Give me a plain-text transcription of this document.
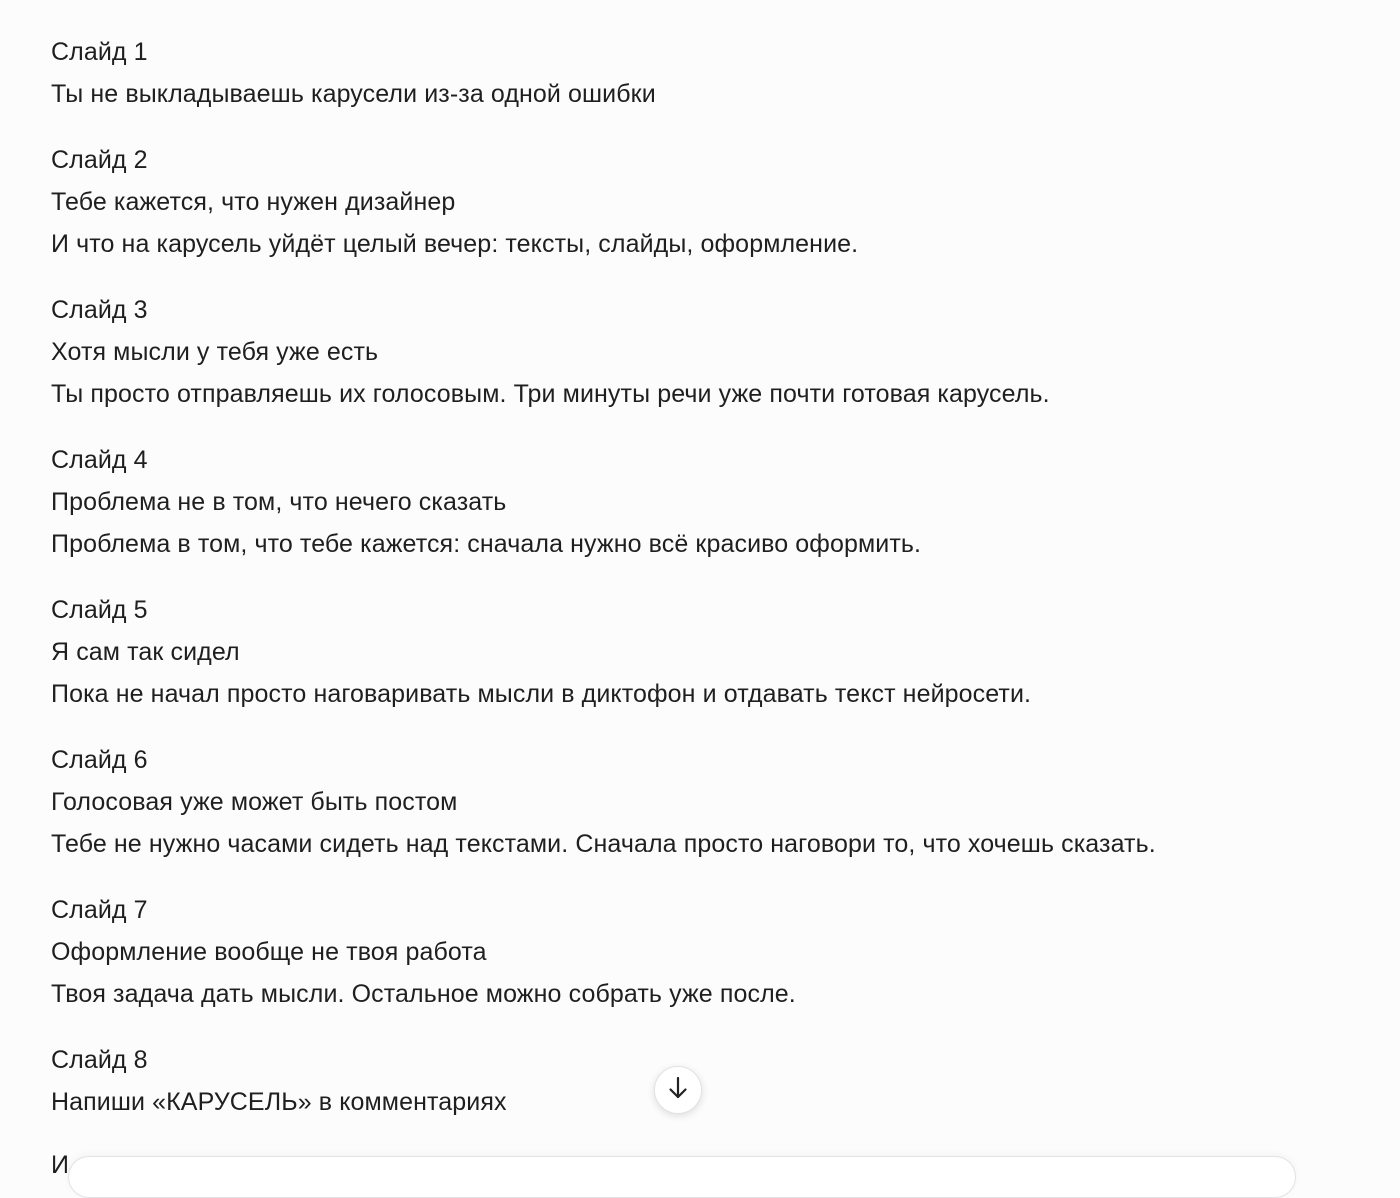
Слайд 1
Ты не выкладываешь карусели из-за одной ошибки
Слайд 2
Тебе кажется, что нужен дизайнер
И что на карусель уйдёт целый вечер: тексты, слайды, оформление.
Слайд 3
Хотя мысли у тебя уже есть
Ты просто отправляешь их голосовым. Три минуты речи уже почти готовая карусель.
Слайд 4
Проблема не в том, что нечего сказать
Проблема в том, что тебе кажется: сначала нужно всё красиво оформить.
Слайд 5
Я сам так сидел
Пока не начал просто наговаривать мысли в диктофон и отдавать текст нейросети.
Слайд 6
Голосовая уже может быть постом
Тебе не нужно часами сидеть над текстами. Сначала просто наговори то, что хочешь сказать.
Слайд 7
Оформление вообще не твоя работа
Твоя задача дать мысли. Остальное можно собрать уже после.
Слайд 8
Напиши «КАРУСЕЛЬ» в комментариях
И
